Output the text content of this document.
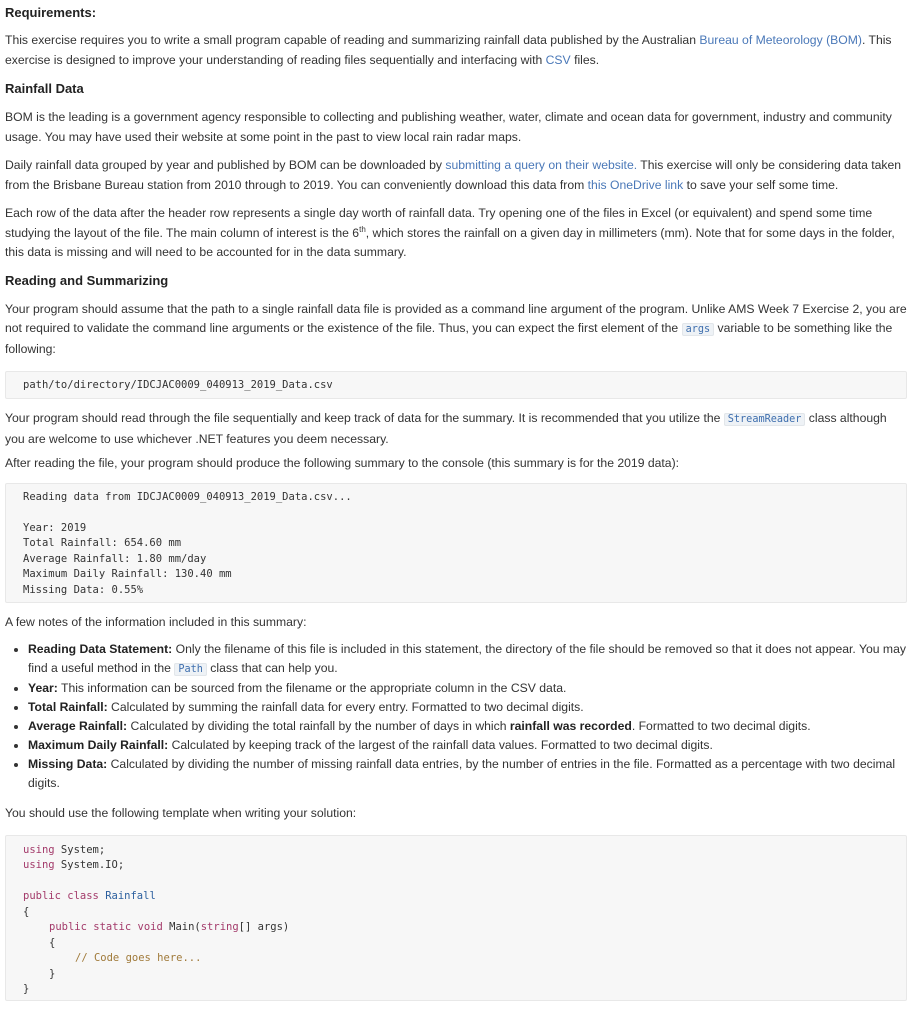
Requirements:

This exercise requires you to write a small program capable of reading and summarizing rainfall data published by the Australian Bureau of Meteorology (BOM). This exercise is designed to improve your understanding of reading files sequentially and interfacing with CSV files.

Rainfall Data

BOM is the leading is a government agency responsible to collecting and publishing weather, water, climate and ocean data for government, industry and community usage. You may have used their website at some point in the past to view local rain radar maps.

Daily rainfall data grouped by year and published by BOM can be downloaded by submitting a query on their website. This exercise will only be considering data taken from the Brisbane Bureau station from 2010 through to 2019. You can conveniently download this data from this OneDrive link to save your self some time.

Each row of the data after the header row represents a single day worth of rainfall data. Try opening one of the files in Excel (or equivalent) and spend some time studying the layout of the file. The main column of interest is the 6th, which stores the rainfall on a given day in millimeters (mm). Note that for some days in the folder, this data is missing and will need to be accounted for in the data summary.

Reading and Summarizing

Your program should assume that the path to a single rainfall data file is provided as a command line argument of the program. Unlike AMS Week 7 Exercise 2, you are not required to validate the command line arguments or the existence of the file. Thus, you can expect the first element of the args variable to be something like the following:

path/to/directory/IDCJAC0009_040913_2019_Data.csv

Your program should read through the file sequentially and keep track of data for the summary. It is recommended that you utilize the StreamReader class although you are welcome to use whichever .NET features you deem necessary.

After reading the file, your program should produce the following summary to the console (this summary is for the 2019 data):

Reading data from IDCJAC0009_040913_2019_Data.csv...
Year: 2019
Total Rainfall: 654.60 mm
Average Rainfall: 1.80 mm/day
Maximum Daily Rainfall: 130.40 mm
Missing Data: 0.55%

A few notes of the information included in this summary:

• Reading Data Statement: Only the filename of this file is included in this statement, the directory of the file should be removed so that it does not appear. You may find a useful method in the Path class that can help you.
• Year: This information can be sourced from the filename or the appropriate column in the CSV data.
• Total Rainfall: Calculated by summing the rainfall data for every entry. Formatted to two decimal digits.
• Average Rainfall: Calculated by dividing the total rainfall by the number of days in which rainfall was recorded. Formatted to two decimal digits.
• Maximum Daily Rainfall: Calculated by keeping track of the largest of the rainfall data values. Formatted to two decimal digits.
• Missing Data: Calculated by dividing the number of missing rainfall data entries, by the number of entries in the file. Formatted as a percentage with two decimal digits.

You should use the following template when writing your solution:

using System;
using System.IO;
public class Rainfall
{
public static void Main(string[] args)
{
// Code goes here...
}
}
